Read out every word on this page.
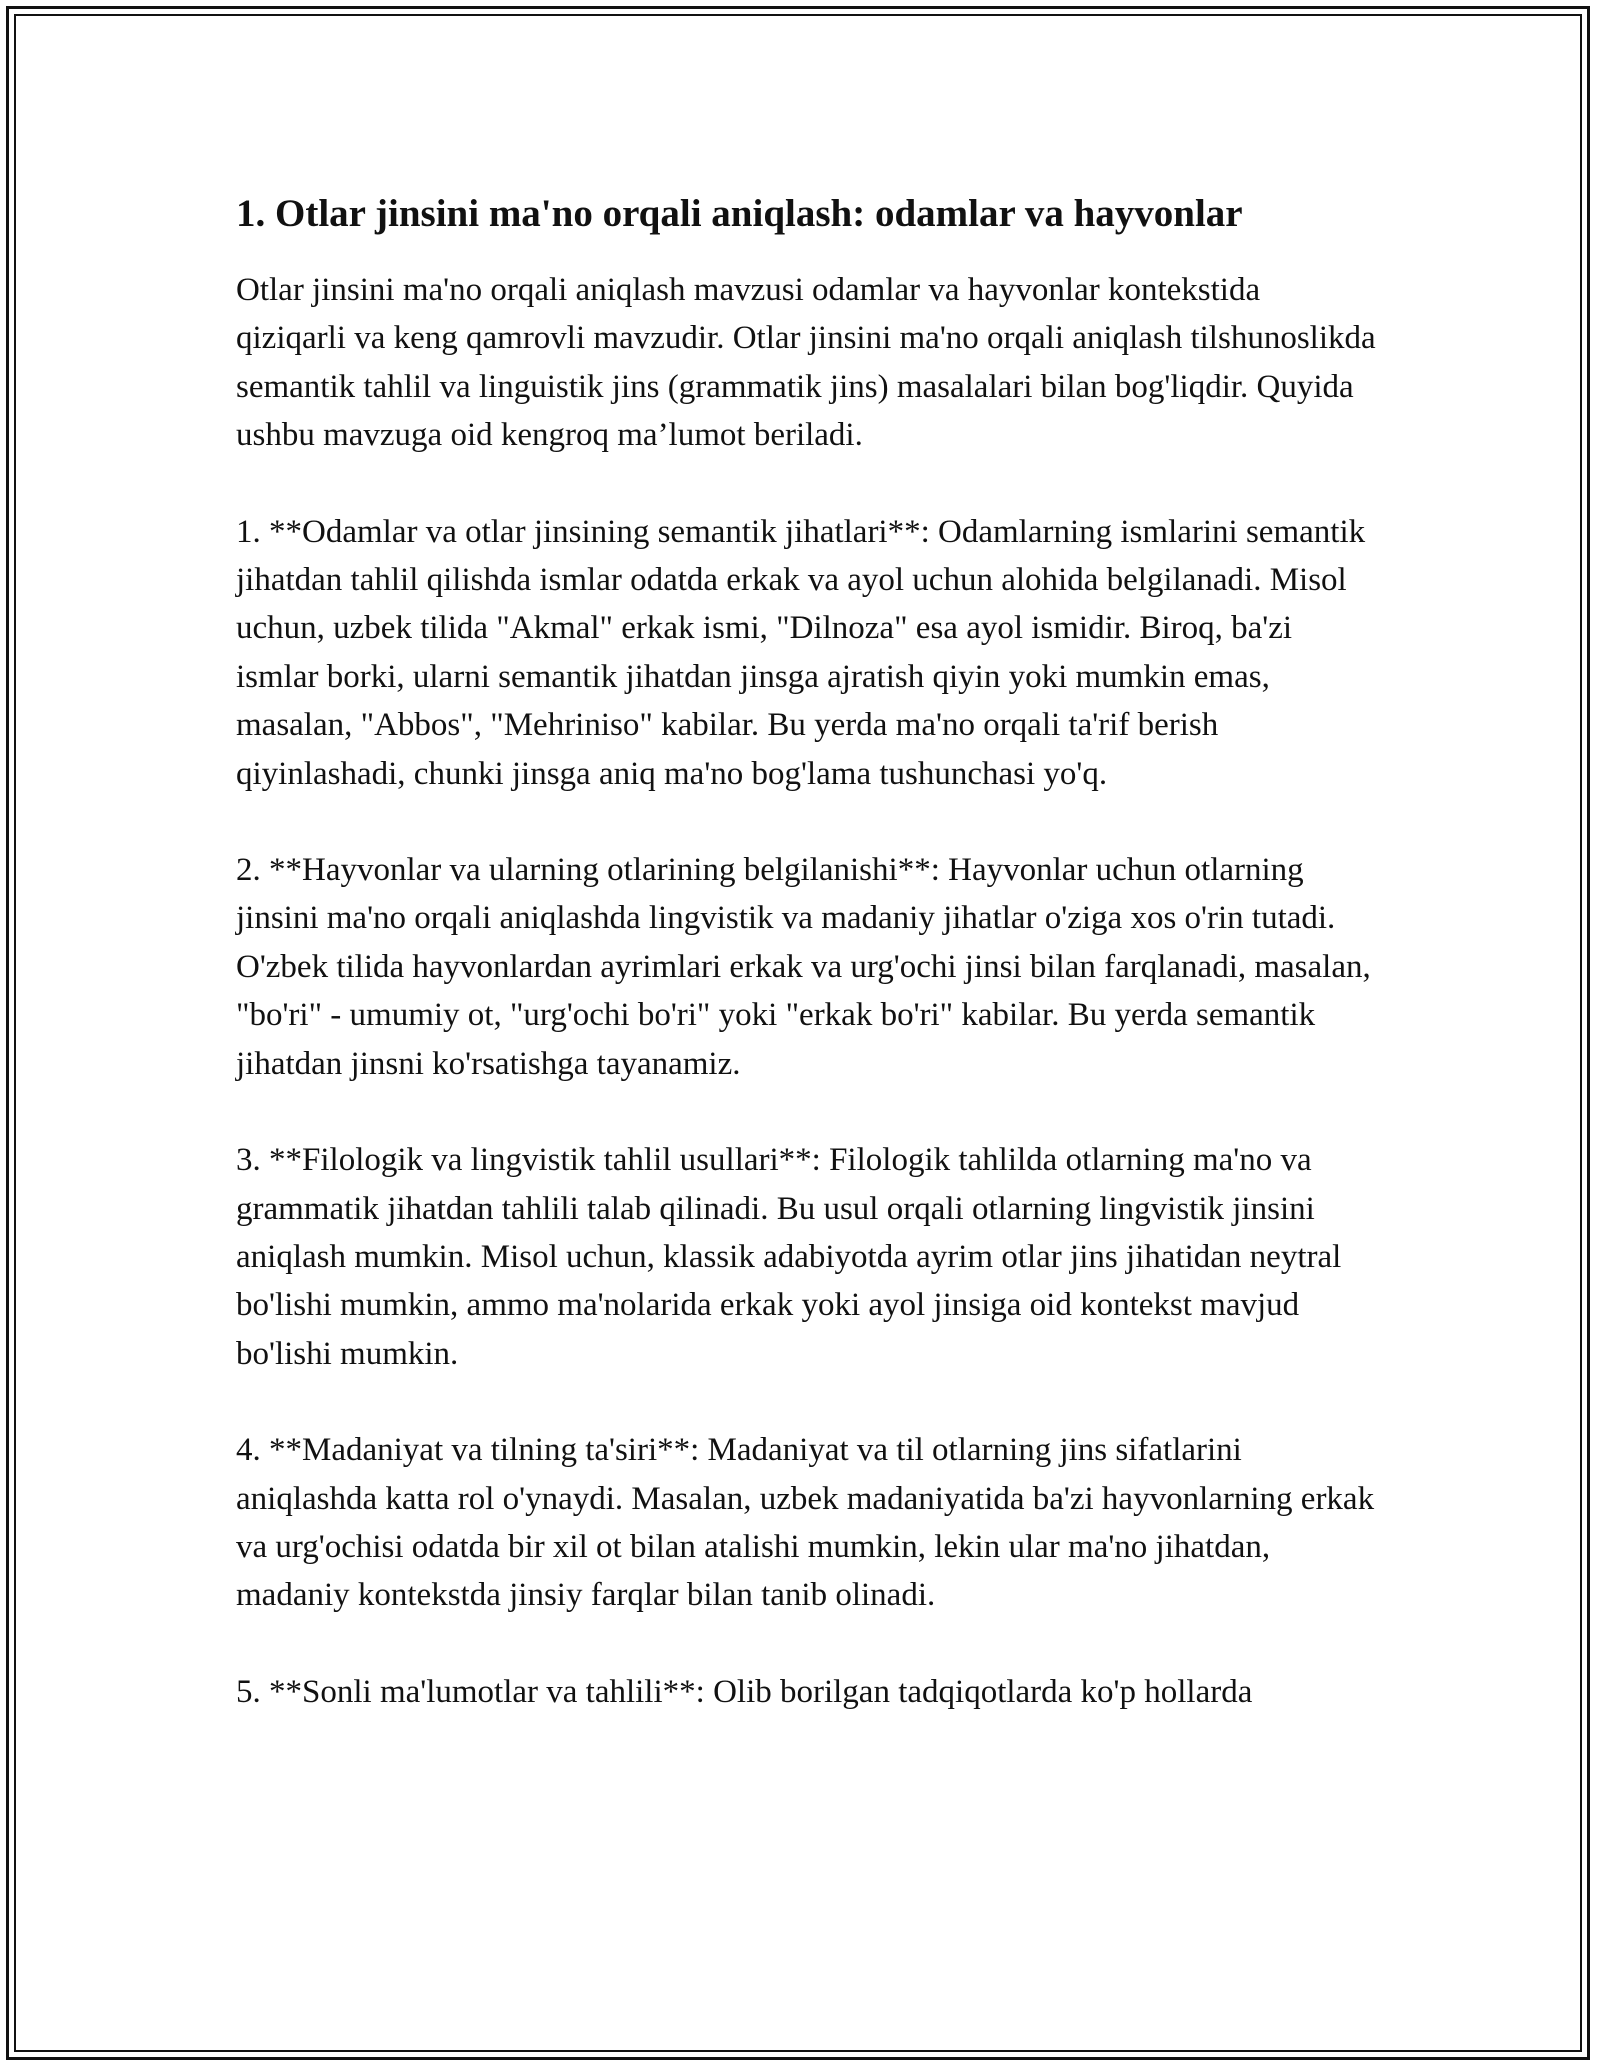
1. Otlar jinsini ma'no orqali aniqlash: odamlar va hayvonlar

Otlar jinsini ma'no orqali aniqlash mavzusi odamlar va hayvonlar kontekstida qiziqarli va keng qamrovli mavzudir. Otlar jinsini ma'no orqali aniqlash tilshunoslikda semantik tahlil va linguistik jins (grammatik jins) masalalari bilan bog'liqdir. Quyida ushbu mavzuga oid kengroq ma’lumot beriladi.

1. **Odamlar va otlar jinsining semantik jihatlari**: Odamlarning ismlarini semantik jihatdan tahlil qilishda ismlar odatda erkak va ayol uchun alohida belgilanadi. Misol uchun, uzbek tilida "Akmal" erkak ismi, "Dilnoza" esa ayol ismidir. Biroq, ba'zi ismlar borki, ularni semantik jihatdan jinsga ajratish qiyin yoki mumkin emas, masalan, "Abbos", "Mehriniso" kabilar. Bu yerda ma'no orqali ta'rif berish qiyinlashadi, chunki jinsga aniq ma'no bog'lama tushunchasi yo'q.

2. **Hayvonlar va ularning otlarining belgilanishi**: Hayvonlar uchun otlarning jinsini ma'no orqali aniqlashda lingvistik va madaniy jihatlar o'ziga xos o'rin tutadi. O'zbek tilida hayvonlardan ayrimlari erkak va urg'ochi jinsi bilan farqlanadi, masalan, "bo'ri" - umumiy ot, "urg'ochi bo'ri" yoki "erkak bo'ri" kabilar. Bu yerda semantik jihatdan jinsni ko'rsatishga tayanamiz.

3. **Filologik va lingvistik tahlil usullari**: Filologik tahlilda otlarning ma'no va grammatik jihatdan tahlili talab qilinadi. Bu usul orqali otlarning lingvistik jinsini aniqlash mumkin. Misol uchun, klassik adabiyotda ayrim otlar jins jihatidan neytral bo'lishi mumkin, ammo ma'nolarida erkak yoki ayol jinsiga oid kontekst mavjud bo'lishi mumkin.

4. **Madaniyat va tilning ta'siri**: Madaniyat va til otlarning jins sifatlarini aniqlashda katta rol o'ynaydi. Masalan, uzbek madaniyatida ba'zi hayvonlarning erkak va urg'ochisi odatda bir xil ot bilan atalishi mumkin, lekin ular ma'no jihatdan, madaniy kontekstda jinsiy farqlar bilan tanib olinadi.

5. **Sonli ma'lumotlar va tahlili**: Olib borilgan tadqiqotlarda ko'p hollarda
